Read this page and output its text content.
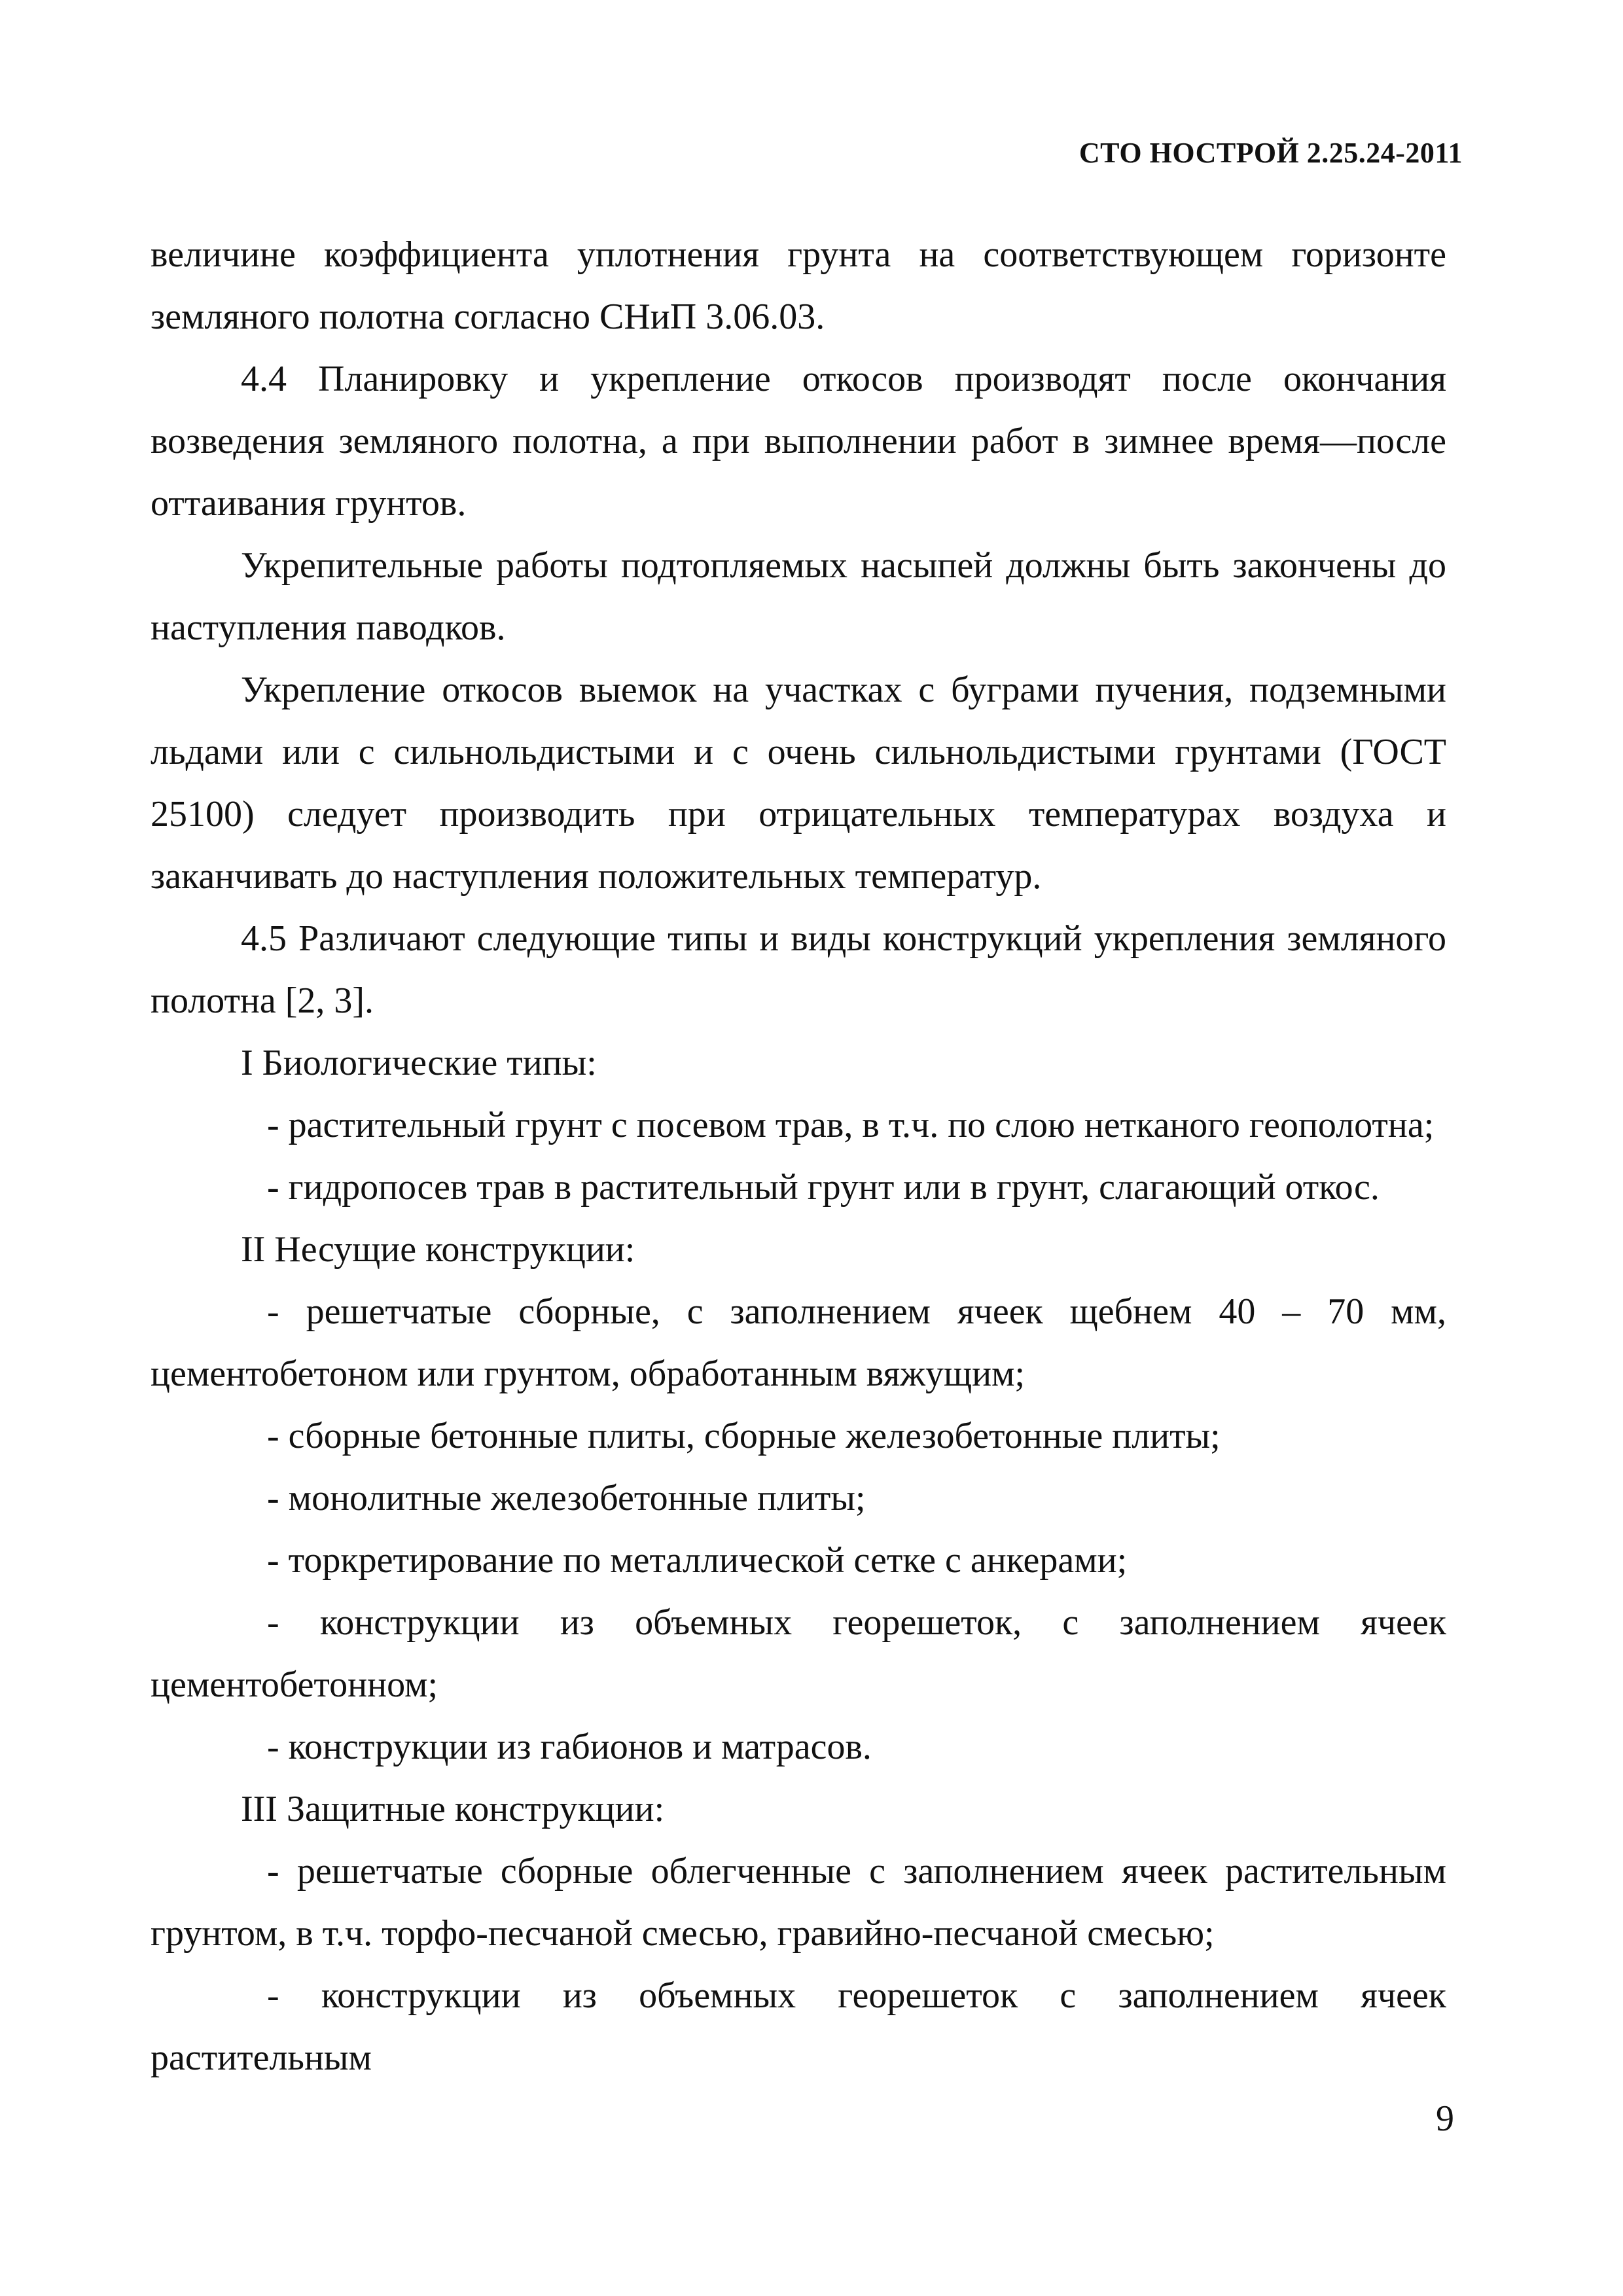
СТО НОСТРОЙ 2.25.24-2011

величине коэффициента уплотнения грунта на соответствующем горизонте земляного полотна согласно СНиП 3.06.03.

4.4 Планировку и укрепление откосов производят после окончания возведения земляного полотна, а при выполнении работ в зимнее время—после оттаивания грунтов.

Укрепительные работы подтопляемых насыпей должны быть закончены до наступления паводков.

Укрепление откосов выемок на участках с буграми пучения, подземными льдами или с сильнольдистыми и с очень сильнольдистыми грунтами (ГОСТ 25100) следует производить при отрицательных температурах воздуха и заканчивать до наступления положительных температур.

4.5 Различают следующие типы и виды конструкций укрепления земляного полотна [2, 3].

I Биологические типы:

- растительный грунт с посевом трав, в т.ч. по слою нетканого геополотна;

- гидропосев трав в растительный грунт или в грунт, слагающий откос.

II Несущие конструкции:

- решетчатые сборные, с заполнением ячеек щебнем 40 – 70 мм, цементобетоном или грунтом, обработанным вяжущим;

- сборные бетонные плиты, сборные железобетонные плиты;

- монолитные железобетонные плиты;

- торкретирование по металлической сетке с анкерами;

- конструкции из объемных георешеток, с заполнением ячеек цементобетонном;

- конструкции из габионов и матрасов.

III Защитные конструкции:

- решетчатые сборные облегченные с заполнением ячеек растительным грунтом, в т.ч. торфо-песчаной смесью, гравийно-песчаной смесью;

- конструкции из объемных георешеток с заполнением ячеек растительным

9
